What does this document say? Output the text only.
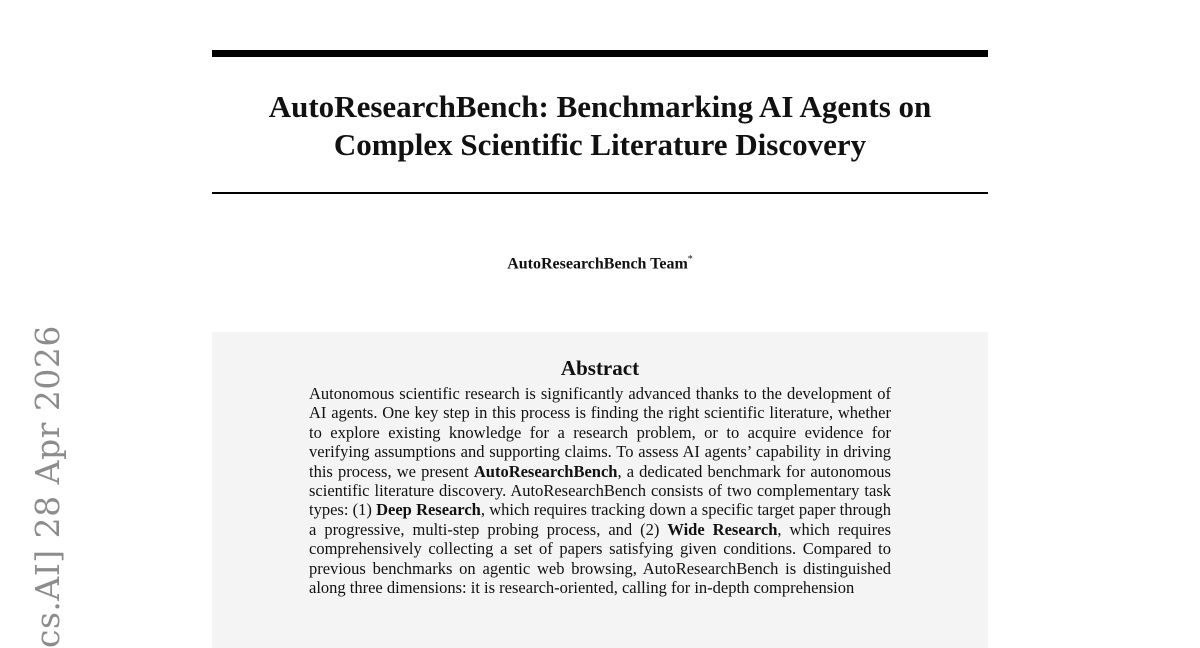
AutoResearchBench: Benchmarking AI Agents on
Complex Scientific Literature Discovery
AutoResearchBench Team*
Abstract

Autonomous scientific research is significantly advanced thanks to the development of AI agents. One key step in this process is finding the right scientific literature, whether to explore existing knowledge for a research problem, or to acquire evidence for verifying assumptions and supporting claims. To assess AI agents’ capability in driving this process, we present AutoResearchBench, a dedicated benchmark for autonomous scientific literature discovery. AutoResearchBench consists of two complementary task types: (1) Deep Research, which requires tracking down a specific target paper through a progressive, multi-step probing process, and (2) Wide Research, which requires comprehensively collecting a set of papers satisfying given conditions. Compared to previous benchmarks on agentic web browsing, AutoResearchBench is distinguished along three dimensions: it is research-oriented, calling for in-depth comprehension

cs.AI] 28 Apr 2026
